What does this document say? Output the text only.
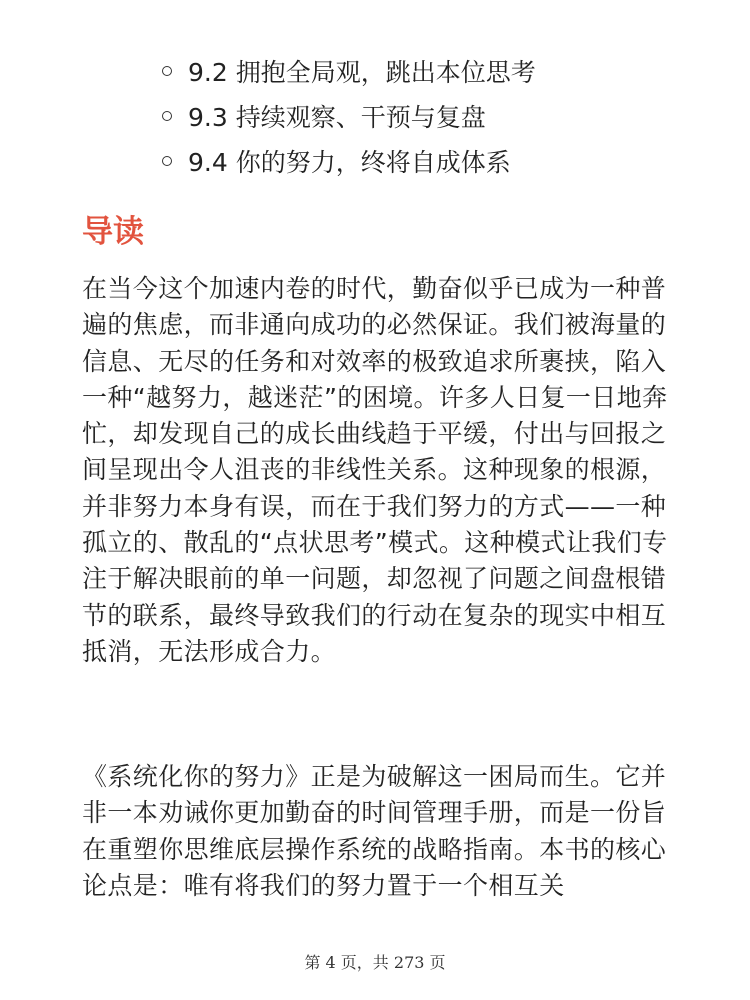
9.2 拥抱全局观，跳出本位思考
9.3 持续观察、干预与复盘
9.4 你的努力，终将自成体系
导读

在当今这个加速内卷的时代，勤奋似乎已成为一种普遍的焦虑，而非通向成功的必然保证。我们被海量的信息、无尽的任务和对效率的极致追求所裹挟，陷入一种“越努力，越迷茫”的困境。许多人日复一日地奔忙，却发现自己的成长曲线趋于平缓，付出与回报之间呈现出令人沮丧的非线性关系。这种现象的根源，并非努力本身有误，而在于我们努力的方式——一种孤立的、散乱的“点状思考”模式。这种模式让我们专注于解决眼前的单一问题，却忽视了问题之间盘根错节的联系，最终导致我们的行动在复杂的现实中相互抵消，无法形成合力。

《系统化你的努力》正是为破解这一困局而生。它并非一本劝诫你更加勤奋的时间管理手册，而是一份旨在重塑你思维底层操作系统的战略指南。本书的核心论点是：唯有将我们的努力置于一个相互关

第 4 页，共 273 页
